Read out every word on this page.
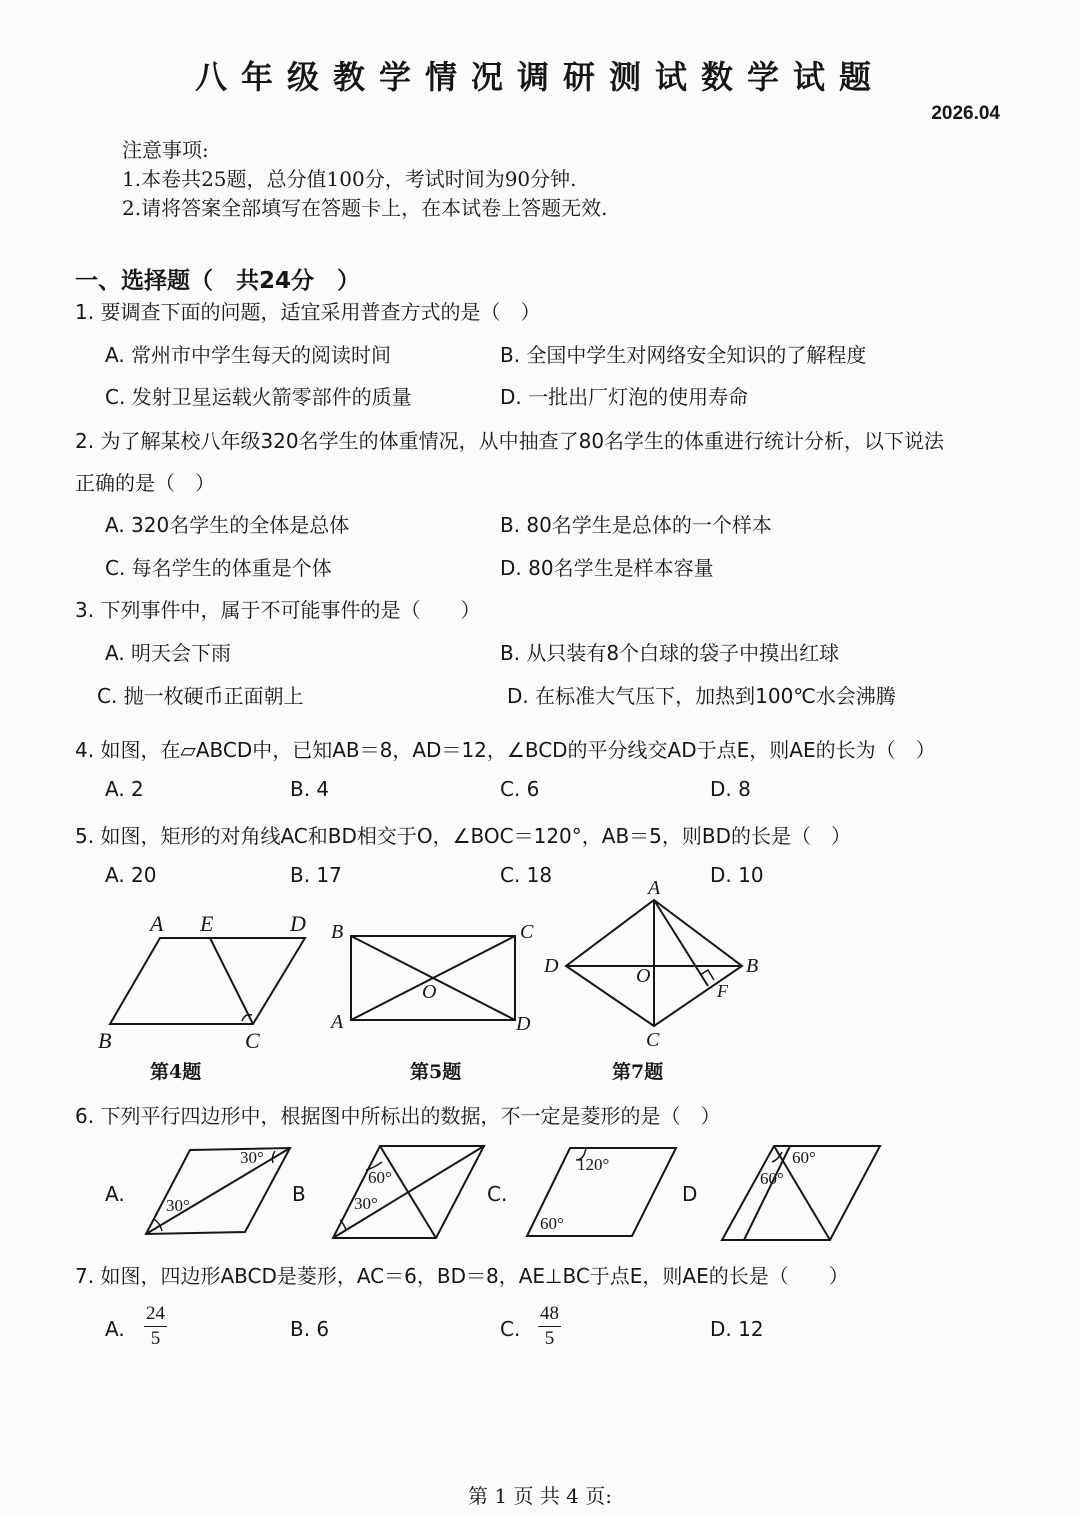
八年级教学情况调研测试数学试题
2026.04
注意事项:
1.本卷共25题，总分值100分，考试时间为90分钟.
2.请将答案全部填写在答题卡上，在本试卷上答题无效.
一、选择题（　共24分　）
1. 要调查下面的问题，适宜采用普查方式的是（　）
A. 常州市中学生每天的阅读时间	B. 全国中学生对网络安全知识的了解程度
C. 发射卫星运载火箭零部件的质量	D. 一批出厂灯泡的使用寿命
2. 为了解某校八年级320名学生的体重情况，从中抽查了80名学生的体重进行统计分析，以下说法
正确的是（　）
A. 320名学生的全体是总体	B. 80名学生是总体的一个样本
C. 每名学生的体重是个体	D. 80名学生是样本容量
3. 下列事件中，属于不可能事件的是（　　）
A. 明天会下雨	B. 从只装有8个白球的袋子中摸出红球
C. 抛一枚硬币正面朝上	D. 在标准大气压下，加热到100℃水会沸腾
4. 如图，在▱ABCD中，已知AB＝8，AD＝12，∠BCD的平分线交AD于点E，则AE的长为（　）
A. 2	B. 4	C. 6	D. 8
5. 如图，矩形的对角线AC和BD相交于O，∠BOC＝120°，AB＝5，则BD的长是（　）
A. 20	B. 17	C. 18	D. 10
A E	D
B	C
第4题
B	C
A	D
O
第5题
A
B
C
D	O
F
第7题
6. 下列平行四边形中，根据图中所标出的数据，不一定是菱形的是（　）
A.	B	C.	D
30°
30°
60°
30°
120°
60°
60°
60°
7. 如图，四边形ABCD是菱形，AC＝6，BD＝8，AE⊥BC于点E，则AE的长是（　　）
A. $\frac{24}{5}$	B. 6	C. $\frac{48}{5}$	D. 12
第 1 页 共 4 页:
